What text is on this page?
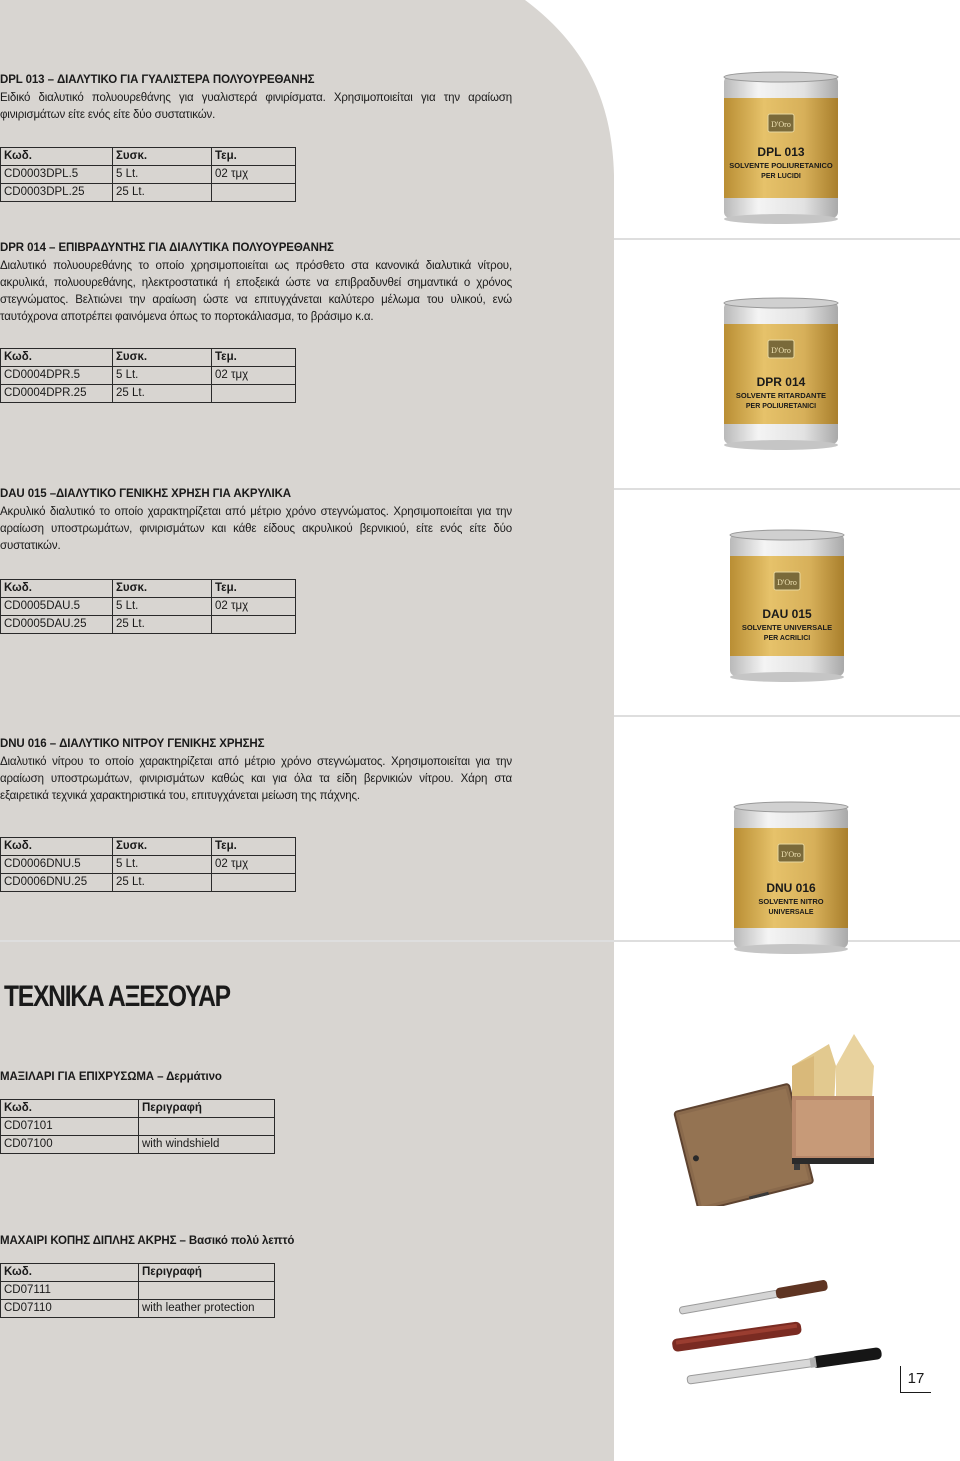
DPL 013 – ΔΙΑΛΥΤΙΚΟ ΓΙΑ ΓΥΑΛΙΣΤΕΡΑ ΠΟΛΥΟΥΡΕΘΑΝΗΣ
Ειδικό διαλυτικό πολυουρεθάνης για γυαλιστερά φινιρίσματα. Χρησιμοποιείται για την αραίωση φινιρισμάτων είτε ενός είτε δύο συστατικών.
Κωδ.	Συσκ.	Τεμ.
CD0003DPL.5	5 Lt.	02 τμχ
CD0003DPL.25	25 Lt.	
DPR 014 – ΕΠΙΒΡΑΔΥΝΤΗΣ ΓΙΑ ΔΙΑΛΥΤΙΚΑ ΠΟΛΥΟΥΡΕΘΑΝΗΣ
Διαλυτικό πολυουρεθάνης το οποίο χρησιμοποιείται ως πρόσθετο στα κανονικά διαλυτικά νίτρου, ακρυλικά, πολυουρεθάνης, ηλεκτροστατικά ή εποξεικά ώστε να επιβραδυνθεί σημαντικά ο χρόνος στεγνώματος. Βελτιώνει την αραίωση ώστε να επιτυγχάνεται καλύτερο μέλωμα του υλικού, ενώ ταυτόχρονα αποτρέπει φαινόμενα όπως το πορτοκάλιασμα, το βράσιμο κ.α.
Κωδ.	Συσκ.	Τεμ.
CD0004DPR.5	5 Lt.	02 τμχ
CD0004DPR.25	25 Lt.	
DAU 015 –ΔΙΑΛΥΤΙΚΟ ΓΕΝΙΚΗΣ ΧΡΗΣΗ ΓΙΑ ΑΚΡΥΛΙΚΑ
Ακρυλικό διαλυτικό το οποίο χαρακτηρίζεται από μέτριο χρόνο στεγνώματος. Χρησιμοποιείται για την αραίωση υποστρωμάτων, φινιρισμάτων και κάθε είδους ακρυλικού βερνικιού, είτε ενός είτε δύο συστατικών.
Κωδ.	Συσκ.	Τεμ.
CD0005DAU.5	5 Lt.	02 τμχ
CD0005DAU.25	25 Lt.	
DNU 016 – ΔΙΑΛΥΤΙΚΟ ΝΙΤΡΟΥ ΓΕΝΙΚΗΣ ΧΡΗΣΗΣ
Διαλυτικό νίτρου το οποίο χαρακτηρίζεται από μέτριο χρόνο στεγνώματος. Χρησιμοποιείται για την αραίωση υποστρωμάτων, φινιρισμάτων καθώς και για όλα τα είδη βερνικιών νίτρου. Χάρη στα εξαιρετικά τεχνικά χαρακτηριστικά του, επιτυγχάνεται μείωση της πάχνης.
Κωδ.	Συσκ.	Τεμ.
CD0006DNU.5	5 Lt.	02 τμχ
CD0006DNU.25	25 Lt.	
ΤΕΧΝΙΚΑ ΑΞΕΣΟΥΑΡ
ΜΑΞΙΛΑΡΙ ΓΙΑ ΕΠΙΧΡΥΣΩΜΑ – Δερμάτινο
Κωδ.	Περιγραφή
CD07101	
CD07100	with windshield
ΜΑΧΑΙΡΙ ΚΟΠΗΣ ΔΙΠΛΗΣ ΑΚΡΗΣ – Βασικό πολύ λεπτό
Κωδ.	Περιγραφή
CD07111	
CD07110	with leather protection
D'Oro
DPL 013
SOLVENTE POLIURETANICO
PER LUCIDI
D'Oro
DPR 014
SOLVENTE RITARDANTE
PER POLIURETANICI
D'Oro
DAU 015
SOLVENTE UNIVERSALE
PER ACRILICI
D'Oro
DNU 016
SOLVENTE NITRO
UNIVERSALE
17
